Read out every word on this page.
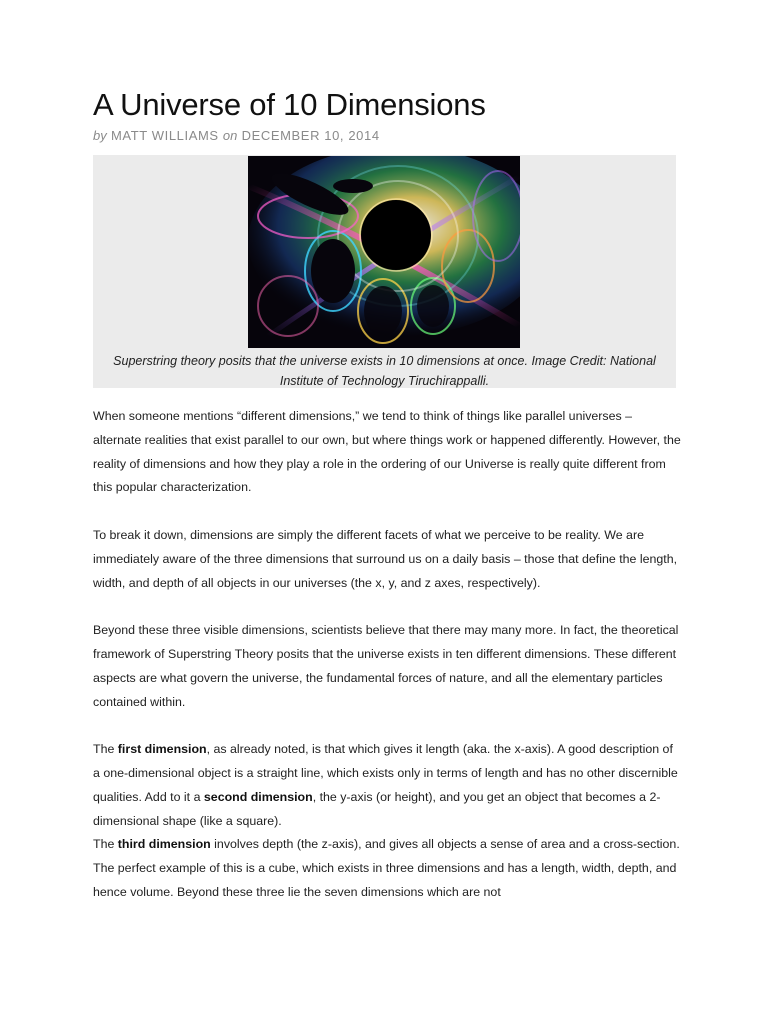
A Universe of 10 Dimensions
by MATT WILLIAMS on DECEMBER 10, 2014
Superstring theory posits that the universe exists in 10 dimensions at once. Image Credit: National
Institute of Technology Tiruchirappalli.

When someone mentions “different dimensions,” we tend to think of things like parallel universes – alternate realities that exist parallel to our own, but where things work or happened differently. However, the reality of dimensions and how they play a role in the ordering of our Universe is really quite different from this popular characterization.

To break it down, dimensions are simply the different facets of what we perceive to be reality. We are immediately aware of the three dimensions that surround us on a daily basis – those that define the length, width, and depth of all objects in our universes (the x, y, and z axes, respectively).

Beyond these three visible dimensions, scientists believe that there may many more. In fact, the theoretical framework of Superstring Theory posits that the universe exists in ten different dimensions. These different aspects are what govern the universe, the fundamental forces of nature, and all the elementary particles contained within.

The first dimension, as already noted, is that which gives it length (aka. the x-axis). A good description of a one-dimensional object is a straight line, which exists only in terms of length and has no other discernible qualities. Add to it a second dimension, the y-axis (or height), and you get an object that becomes a 2-dimensional shape (like a square).

The third dimension involves depth (the z-axis), and gives all objects a sense of area and a cross-section. The perfect example of this is a cube, which exists in three dimensions and has a length, width, depth, and hence volume. Beyond these three lie the seven dimensions which are not
